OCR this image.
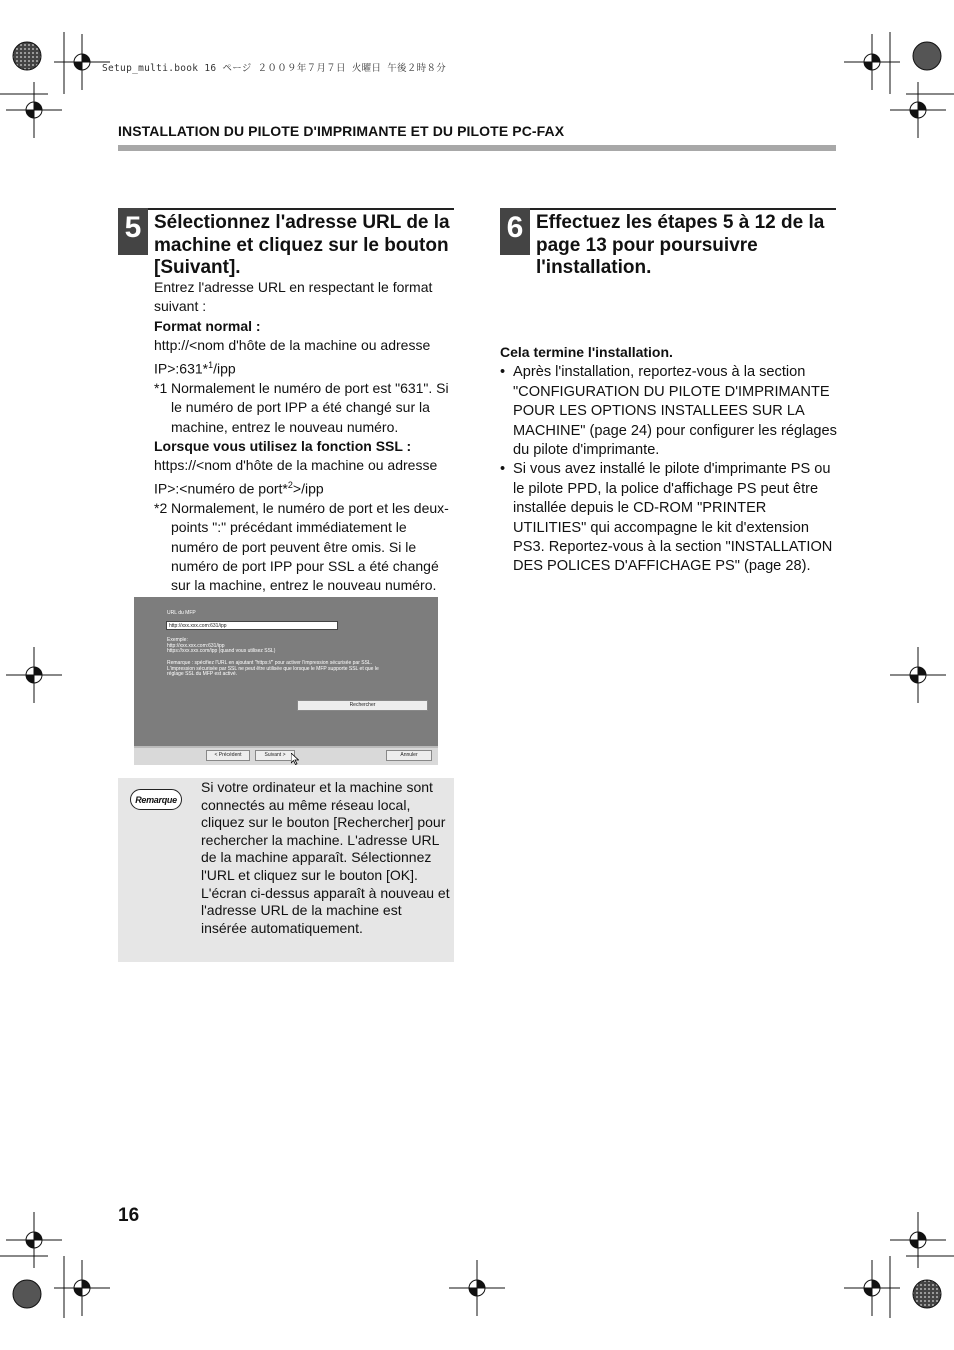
Setup_multi.book 16 ページ ２００９年７月７日 火曜日 午後２時８分
INSTALLATION DU PILOTE D'IMPRIMANTE ET DU PILOTE PC-FAX
5 Sélectionnez l'adresse URL de la
machine et cliquez sur le bouton
[Suivant].

Entrez l'adresse URL en respectant le format

suivant :

Format normal :

http://<nom d'hôte de la machine ou adresse

IP>:631*$^1$/ipp

*1 Normalement le numéro de port est "631". Si le numéro de port IPP a été changé sur la machine, entrez le nouveau numéro.

Lorsque vous utilisez la fonction SSL :

https://<nom d'hôte de la machine ou adresse

IP>:<numéro de port*$^2$>/ipp

*2 Normalement, le numéro de port et les deux-points ":" précédant immédiatement le numéro de port peuvent être omis. Si le numéro de port IPP pour SSL a été changé sur la machine, entrez le nouveau numéro.
URL du MFP
http://xxx.xxx.com:631/ipp
Exemple:
http://xxx.xxx.com:631/ipp
https://xxx.xxx.com/ipp (quand vous utilisez SSL)
Remarque : spécifiez l'URL en ajoutant "https://" pour activer l'impression sécurisée par SSL.
L'impression sécurisée par SSL ne peut être utilisée que lorsque le MFP supporte SSL et que le
réglage SSL du MFP est activé.
Rechercher
< Précédent	Suivant >	Annuler
Remarque
Si votre ordinateur et la machine sont connectés au même réseau local, cliquez sur le bouton [Rechercher] pour rechercher la machine. L'adresse URL de la machine apparaît. Sélectionnez l'URL et cliquez sur le bouton [OK]. L'écran ci-dessus apparaît à nouveau et l'adresse URL de la machine est insérée automatiquement.
6 Effectuez les étapes 5 à 12 de la
page 13 pour poursuivre
l'installation.
Cela termine l'installation.
• Après l'installation, reportez-vous à la section "CONFIGURATION DU PILOTE D'IMPRIMANTE POUR LES OPTIONS INSTALLEES SUR LA MACHINE" (page 24) pour configurer les réglages du pilote d'imprimante.
• Si vous avez installé le pilote d'imprimante PS ou le pilote PPD, la police d'affichage PS peut être installée depuis le CD-ROM "PRINTER UTILITIES" qui accompagne le kit d'extension PS3. Reportez-vous à la section "INSTALLATION DES POLICES D'AFFICHAGE PS" (page 28).
16
